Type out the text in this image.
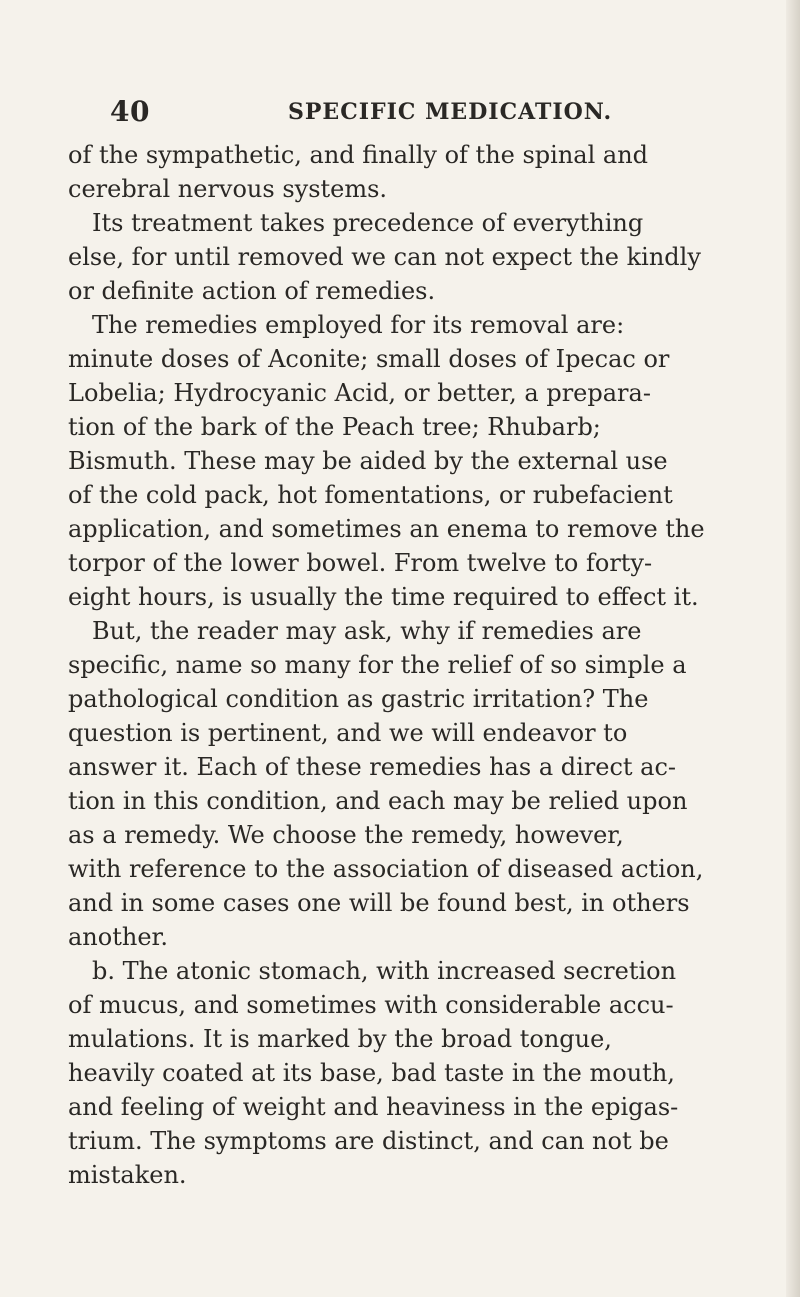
40	SPECIFIC MEDICATION.
of the sympathetic, and finally of the spinal and
cerebral nervous systems.
Its treatment takes precedence of everything
else, for until removed we can not expect the kindly
or definite action of remedies.
The remedies employed for its removal are:
minute doses of Aconite; small doses of Ipecac or
Lobelia; Hydrocyanic Acid, or better, a prepara-
tion of the bark of the Peach tree; Rhubarb;
Bismuth. These may be aided by the external use
of the cold pack, hot fomentations, or rubefacient
application, and sometimes an enema to remove the
torpor of the lower bowel. From twelve to forty-
eight hours, is usually the time required to effect it.
But, the reader may ask, why if remedies are
specific, name so many for the relief of so simple a
pathological condition as gastric irritation? The
question is pertinent, and we will endeavor to
answer it. Each of these remedies has a direct ac-
tion in this condition, and each may be relied upon
as a remedy. We choose the remedy, however,
with reference to the association of diseased action,
and in some cases one will be found best, in others
another.
b. The atonic stomach, with increased secretion
of mucus, and sometimes with considerable accu-
mulations. It is marked by the broad tongue,
heavily coated at its base, bad taste in the mouth,
and feeling of weight and heaviness in the epigas-
trium. The symptoms are distinct, and can not be
mistaken.
